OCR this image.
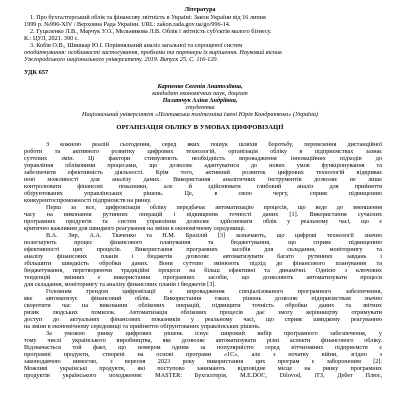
Література
1. Про бухгалтерський облік та фінансову звітність в Україні: Закон України від 16 липня
1999 р. №996-XIV / Верховна Рада України. URL: zakon.rada.gov.ua/go/996-14.
2. Гуцаленко Л.В., Марчук У.О., Мельникова Л.В. Облік і звітність суб'єктів малого бізнесу.
К.: ЦУЛ, 2021. 390 с.
3. Кобів О.В., Шишкар Ю.І. Порівняльний аналіз загальної та спрощеної систем
оподаткування: особливості застосування, проблеми та партнери їх вирішення. Науковий вісник
Ужгородського національного університету. 2019. Випуск 25. С. 116-120.
УДК 657
Карпенко Євгенія Анатоліївна,
кандидат економічних наук, доцент
Палатчук Аліна Андріївна,
студентка
Національний університет «Полтавська політехніка імені Юрія Кондратюка» (Україна)
ОРГАНІЗАЦІЯ ОБЛІКУ В УМОВАХ ЦИФРОВІЗАЦІЇ
З кожною реалій сьогодення, серед яких пошук шляхів боротьбу, перевезення дистанційної
роботи та активного розвитку цифрових технологій, організація обліку в підприємствах зазнає
суттєвих змін. Ці фактори стимулюють необхідність впровадження інноваційних підходів до
управління обліковими процесами, що дозволяє адаптуватися до нових умов функціонування та
забезпечити ефективність діяльності. Крім того, активний розвиток цифрових технологій відкриває
нові можливості для аналізу даних. Використання аналітичних інструментів дозволяє не лише
контролювати фінансові показники, але й здійснювати глибокий аналіз для прийняття
обґрунтованих управлінських рішень. Це, в свою чергу, сприяє підвищенню
конкурентоспроможності підприємств на ринку.
Перш за все, цифровізація обліку передбачає автоматизацію процесів, що веде до зменшення
часу на виконання рутинних операцій і підвищення точності даних [1]. Використання сучасних
програмних продуктів та систем управління дозволяє здійснювати облік у реальному часі, що є
критично важливим для швидкого реагування на зміни в економічному середовищі.
В.А. Зир, А.А. Ткаченко та Н.М. Бразілій [3] зазначають, що цифрові технології значно
полегшують процес фінансового планування та бюджетування, що сприяє підвищенню
ефективності цих процесів. Використання програмних засобів для складання, моніторингу та
аналізу фінансових планів і бюджетів дозволяє автоматизувати багато рутинних завдань і
збільшити швидкість обробки даних. Вони суттєво змінюють підхід до фінансового планування та
бюджетування, перетворюючи традиційні процеси на більш ефективні та динамічні. Однією з ключових
тенденцій змінних є використання програмних засобів, що дозволяють автоматизувати процеси
для складання, моніторингу та аналізу фінансових планів і бюджетів [3].
Головним трендом цифровізації є впровадження спеціалізованого програмного забезпечення,
яке автоматизує фінансовий облік. Використання таких рішень дозволяє підприємствам значно
скоротити час на виконання облікових операцій, підвищити точність обробки даних та звітних
ризик людських помилок. Автоматизація облікових процесів дає змогу керівництву отримувати
доступ до актуальних фінансових показників у реальному часі, що сприяє швидкому реагуванню
на зміни в економічному середовищі та прийняттю обґрунтованих управлінських рішень.
За умовою ринку цифрових рішень існує широкий вибір програмного забезпечення, у
тому числі українського виробництва, яке дозволяє автоматизувати різні аспекти фінансового обліку.
Відзначається той факт, що номером одним за популярністю серед вітчизняних підприємств є
програмні продукти, створені на основі програми «1С», але з початку війни, згідно з
законодавчою вимогою, з вересня 2023 року використання цих програм є забороненим [2].
Можливі українські продукти, які поступово занимають відповідне місце на ринку програмних
продуктів українського походження: MASTER: Бухгалтерія, M.E.DOC, Dilovod, iТЗ, Дебет Плюс,
